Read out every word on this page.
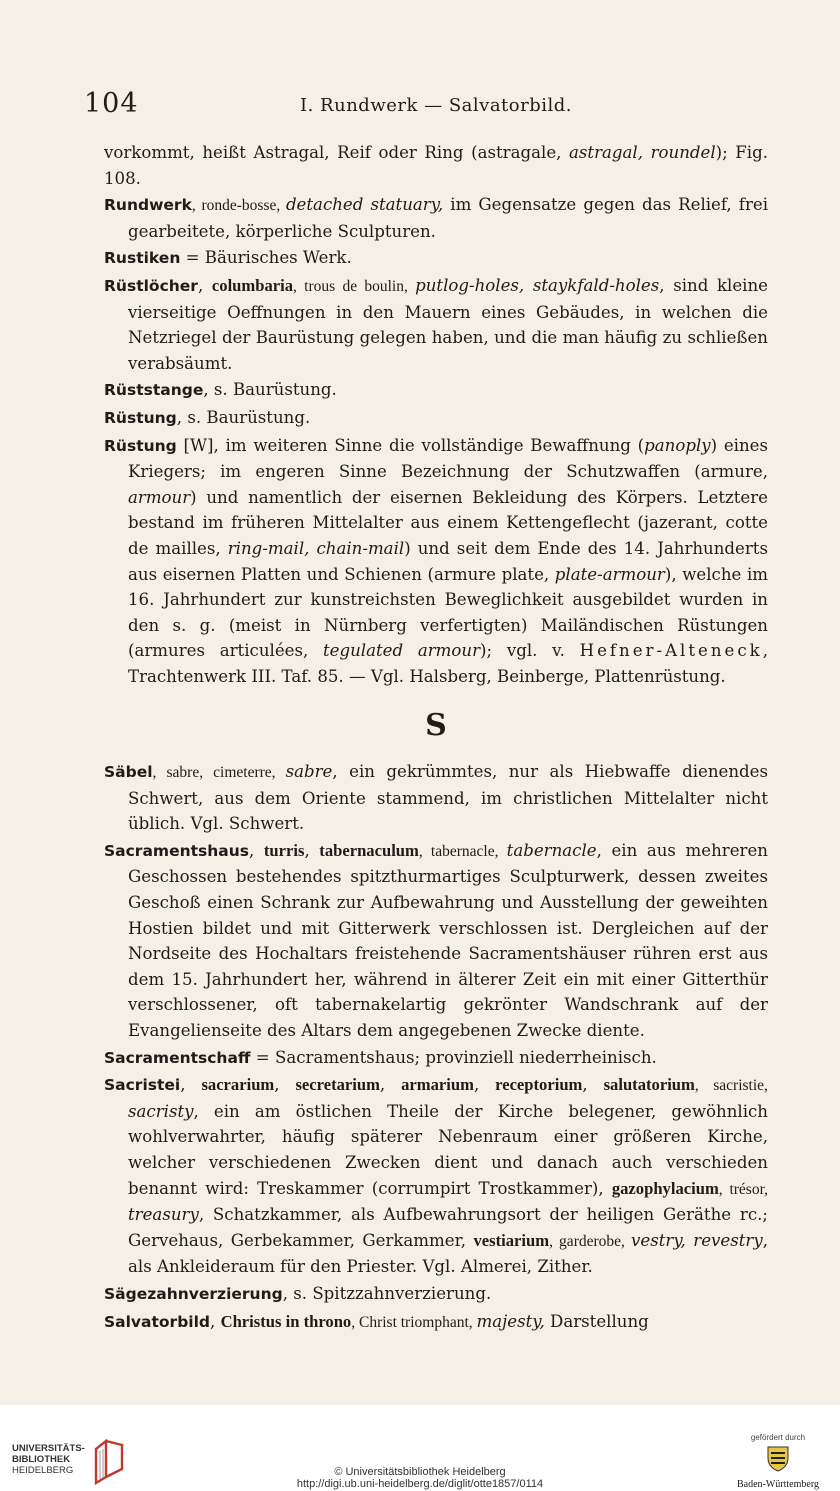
104	I. Rundwerk — Salvatorbild.

vorkommt, heißt Astragal, Reif oder Ring (astragale, astragal, roundel); Fig. 108.

Rundwerk, ronde-bosse, detached statuary, im Gegensatze gegen das Relief, frei gearbeitete, körperliche Sculpturen.

Rustiken = Bäurisches Werk.

Rüstlöcher, columbaria, trous de boulin, putlog-holes, staykfald-holes, sind kleine vierseitige Oeffnungen in den Mauern eines Gebäudes, in welchen die Netzriegel der Baurüstung gelegen haben, und die man häufig zu schließen verabsäumt.

Rüststange, s. Baurüstung.

Rüstung, s. Baurüstung.

Rüstung [W], im weiteren Sinne die vollständige Bewaffnung (panoply) eines Kriegers; im engeren Sinne Bezeichnung der Schutzwaffen (armure, armour) und namentlich der eisernen Bekleidung des Körpers. Letztere bestand im früheren Mittelalter aus einem Kettengeflecht (jazerant, cotte de mailles, ring-mail, chain-mail) und seit dem Ende des 14. Jahrhunderts aus eisernen Platten und Schienen (armure plate, plate-armour), welche im 16. Jahrhundert zur kunstreichsten Beweglichkeit ausgebildet wurden in den s. g. (meist in Nürnberg verfertigten) Mailändischen Rüstungen (armures articulées, tegulated armour); vgl. v. Hefner-Alteneck, Trachtenwerk III. Taf. 85. — Vgl. Halsberg, Beinberge, Plattenrüstung.

S

Säbel, sabre, cimeterre, sabre, ein gekrümmtes, nur als Hiebwaffe dienendes Schwert, aus dem Oriente stammend, im christlichen Mittelalter nicht üblich. Vgl. Schwert.

Sacramentshaus, turris, tabernaculum, tabernacle, tabernacle, ein aus mehreren Geschossen bestehendes spitzthurmartiges Sculpturwerk, dessen zweites Geschoß einen Schrank zur Aufbewahrung und Ausstellung der geweihten Hostien bildet und mit Gitterwerk verschlossen ist. Dergleichen auf der Nordseite des Hochaltars freistehende Sacramentshäuser rühren erst aus dem 15. Jahrhundert her, während in älterer Zeit ein mit einer Gitterthür verschlossener, oft tabernakelartig gekrönter Wandschrank auf der Evangelienseite des Altars dem angegebenen Zwecke diente.

Sacramentschaff = Sacramentshaus; provinziell niederrheinisch.

Sacristei, sacrarium, secretarium, armarium, receptorium, salutatorium, sacristie, sacristy, ein am östlichen Theile der Kirche belegener, gewöhnlich wohlverwahrter, häufig späterer Nebenraum einer größeren Kirche, welcher verschiedenen Zwecken dient und danach auch verschieden benannt wird: Treskammer (corrumpirt Trostkammer), gazophylacium, trésor, treasury, Schatzkammer, als Aufbewahrungsort der heiligen Geräthe rc.; Gervehaus, Gerbekammer, Gerkammer, vestiarium, garderobe, vestry, revestry, als Ankleideraum für den Priester. Vgl. Almerei, Zither.

Sägezahnverzierung, s. Spitzzahnverzierung.

Salvatorbild, Christus in throno, Christ triomphant, majesty, Darstellung

UNIVERSITÄTS-
BIBLIOTHEK
HEIDELBERG	© Universitätsbibliothek Heidelberg
http://digi.ub.uni-heidelberg.de/diglit/otte1857/0114
gefördert durch
Baden-Württemberg
